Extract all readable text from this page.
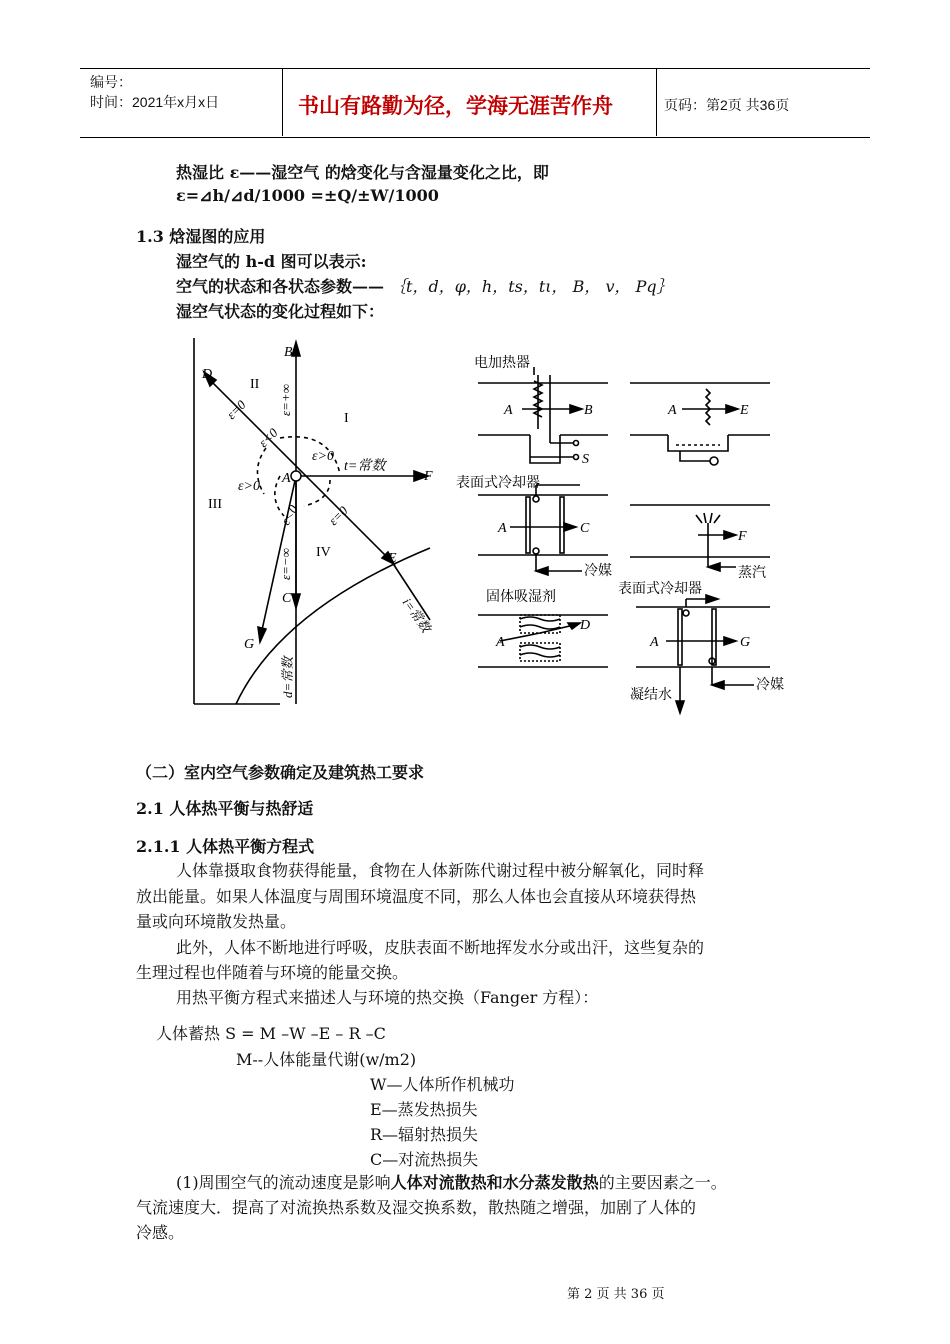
编号：
时间：2021年x月x日	书山有路勤为径，学海无涯苦作舟	页码：第2页 共36页
热湿比 ε——湿空气 的焓变化与含湿量变化之比，即
ε=⊿h/⊿d/1000 =±Q/±W/1000
1.3 焓湿图的应用
湿空气的 h-d 图可以表示:
空气的状态和各状态参数—— ｛t，d，φ，h，ts，tι， B， v， Pq｝
湿空气状态的变化过程如下：
B
D
A	F
E
C
G
I
II
III
IV
ε>0
ε>0
t=常数
ε=+∞
ε=−∞
ε=0
ε=0
ε<0
ε<0
i=常数
d=常数
电加热器
表面式冷却器
固体吸湿剂	表面式冷却器
冷媒	蒸汽
冷媒
凝结水
A	B
S
A	E
A	C
F
A
D
A	G
（二）室内空气参数确定及建筑热工要求
2.1 人体热平衡与热舒适
2.1.1 人体热平衡方程式
人体靠摄取食物获得能量，食物在人体新陈代谢过程中被分解氧化，同时释
放出能量。如果人体温度与周围环境温度不同，那么人体也会直接从环境获得热
量或向环境散发热量。
此外，人体不断地进行呼吸，皮肤表面不断地挥发水分或出汗，这些复杂的
生理过程也伴随着与环境的能量交换。
用热平衡方程式来描述人与环境的热交换（Fanger 方程）：
人体蓄热 S = M –W –E – R –C
M--人体能量代谢(w/m2)
W—人体所作机械功
E—蒸发热损失
R—辐射热损失
C—对流热损失
(1)周围空气的流动速度是影响人体对流散热和水分蒸发散热的主要因素之一。
气流速度大．提高了对流换热系数及湿交换系数，散热随之增强，加剧了人体的
冷感。
第 2 页 共 36 页
